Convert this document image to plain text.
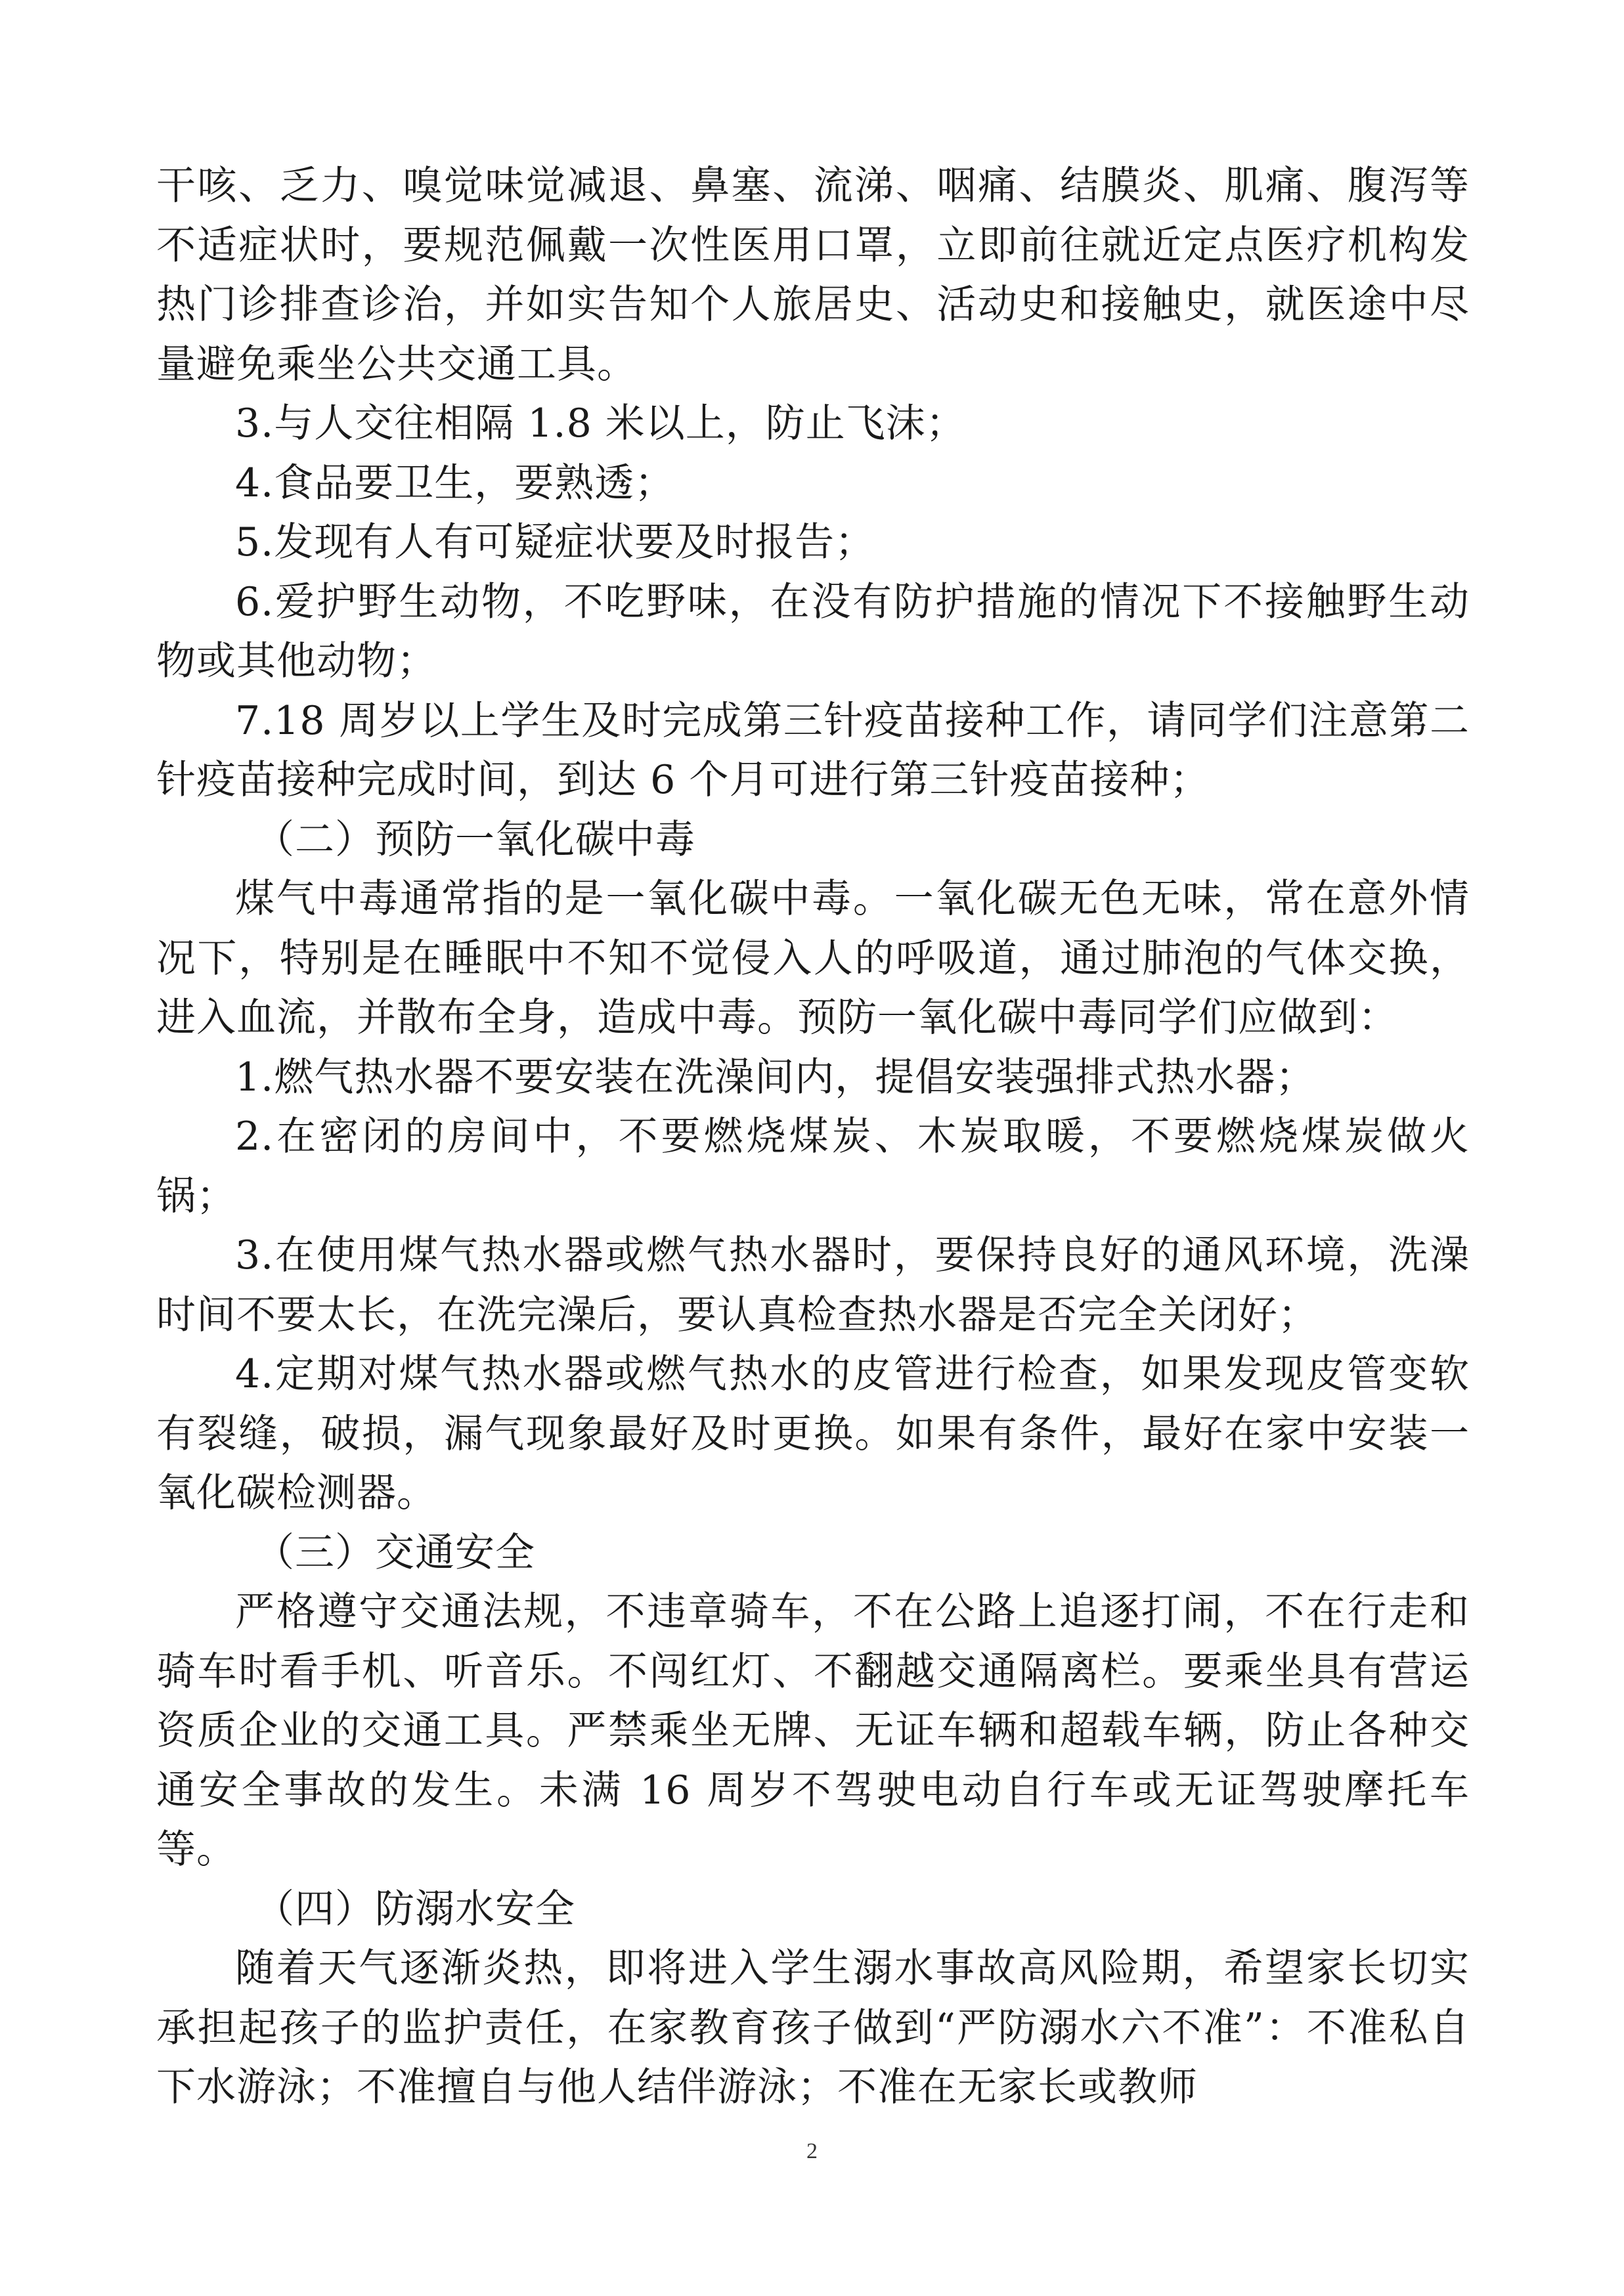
干咳、乏力、嗅觉味觉减退、鼻塞、流涕、咽痛、结膜炎、肌痛、腹泻等不适症状时，要规范佩戴一次性医用口罩，立即前往就近定点医疗机构发热门诊排查诊治，并如实告知个人旅居史、活动史和接触史，就医途中尽量避免乘坐公共交通工具。

3.与人交往相隔 1.8 米以上，防止飞沫；

4.食品要卫生，要熟透；

5.发现有人有可疑症状要及时报告；

6.爱护野生动物，不吃野味，在没有防护措施的情况下不接触野生动物或其他动物；

7.18 周岁以上学生及时完成第三针疫苗接种工作，请同学们注意第二针疫苗接种完成时间，到达 6 个月可进行第三针疫苗接种；

（二）预防一氧化碳中毒

煤气中毒通常指的是一氧化碳中毒。一氧化碳无色无味，常在意外情况下，特别是在睡眠中不知不觉侵入人的呼吸道，通过肺泡的气体交换，进入血流，并散布全身，造成中毒。预防一氧化碳中毒同学们应做到：

1.燃气热水器不要安装在洗澡间内，提倡安装强排式热水器；

2.在密闭的房间中，不要燃烧煤炭、木炭取暖，不要燃烧煤炭做火锅；

3.在使用煤气热水器或燃气热水器时，要保持良好的通风环境，洗澡时间不要太长，在洗完澡后，要认真检查热水器是否完全关闭好；

4.定期对煤气热水器或燃气热水的皮管进行检查，如果发现皮管变软有裂缝，破损，漏气现象最好及时更换。如果有条件，最好在家中安装一氧化碳检测器。

（三）交通安全

严格遵守交通法规，不违章骑车，不在公路上追逐打闹，不在行走和骑车时看手机、听音乐。不闯红灯、不翻越交通隔离栏。要乘坐具有营运资质企业的交通工具。严禁乘坐无牌、无证车辆和超载车辆，防止各种交通安全事故的发生。未满 16 周岁不驾驶电动自行车或无证驾驶摩托车等。

（四）防溺水安全

随着天气逐渐炎热，即将进入学生溺水事故高风险期，希望家长切实承担起孩子的监护责任，在家教育孩子做到“严防溺水六不准”：不准私自下水游泳；不准擅自与他人结伴游泳；不准在无家长或教师

2
